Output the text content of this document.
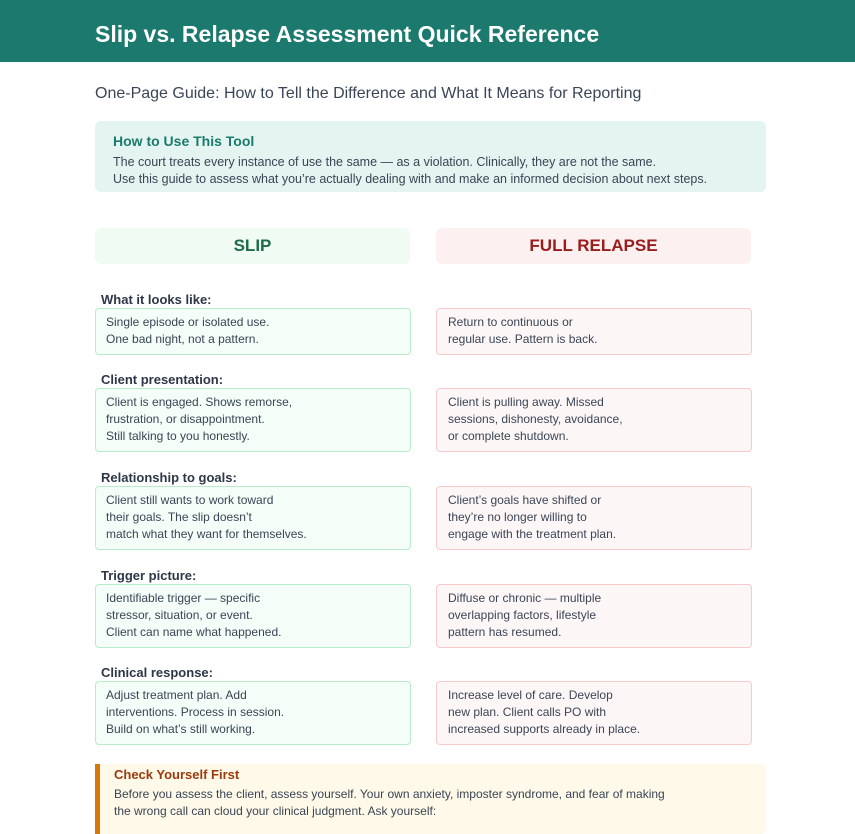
Slip vs. Relapse Assessment Quick Reference
One-Page Guide: How to Tell the Difference and What It Means for Reporting
How to Use This Tool
The court treats every instance of use the same — as a violation. Clinically, they are not the same.
Use this guide to assess what you’re actually dealing with and make an informed decision about next steps.
SLIP	FULL RELAPSE
What it looks like:
Single episode or isolated use.
One bad night, not a pattern.
Return to continuous or
regular use. Pattern is back.
Client presentation:
Client is engaged. Shows remorse,
frustration, or disappointment.
Still talking to you honestly.
Client is pulling away. Missed
sessions, dishonesty, avoidance,
or complete shutdown.
Relationship to goals:
Client still wants to work toward
their goals. The slip doesn’t
match what they want for themselves.
Client’s goals have shifted or
they’re no longer willing to
engage with the treatment plan.
Trigger picture:
Identifiable trigger — specific
stressor, situation, or event.
Client can name what happened.
Diffuse or chronic — multiple
overlapping factors, lifestyle
pattern has resumed.
Clinical response:
Adjust treatment plan. Add
interventions. Process in session.
Build on what’s still working.
Increase level of care. Develop
new plan. Client calls PO with
increased supports already in place.
Check Yourself First
Before you assess the client, assess yourself. Your own anxiety, imposter syndrome, and fear of making
the wrong call can cloud your clinical judgment. Ask yourself:
